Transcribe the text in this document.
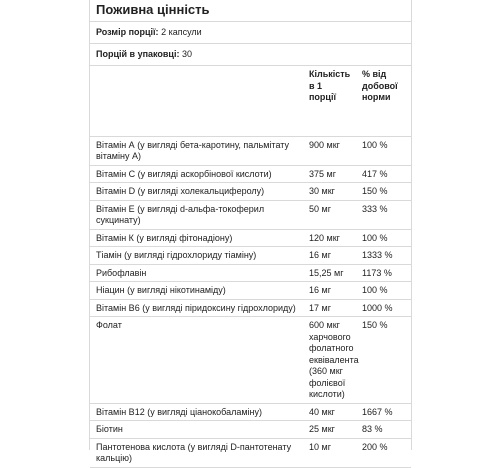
Поживна цінність
Розмір порції: 2 капсули
Порцій в упаковці: 30
	Кількість в 1 порції	% від добової норми
Вітамін А (у вигляді бета-каротину, пальмітату вітаміну А)	900 мкг	100 %
Вітамін С (у вигляді аскорбінової кислоти)	375 мг	417 %
Вітамін D (у вигляді холекальциферолу)	30 мкг	150 %
Вітамін Е (у вигляді d-альфа-токоферил сукцинату)	50 мг	333 %
Вітамін К (у вигляді фітонадіону)	120 мкг	100 %
Тіамін (у вигляді гідрохлориду тіаміну)	16 мг	1333 %
Рибофлавін	15,25 мг	1173 %
Ніацин (у вигляді нікотинаміду)	16 мг	100 %
Вітамін В6 (у вигляді піридоксину гідрохлориду)	17 мг	1000 %
Фолат	600 мкг харчового фолатного еквівалента (360 мкг фолієвої кислоти)	150 %
Вітамін В12 (у вигляді ціанокобаламіну)	40 мкг	1667 %
Біотин	25 мкг	83 %
Пантотенова кислота (у вигляді D-пантотенату кальцію)	10 мг	200 %
